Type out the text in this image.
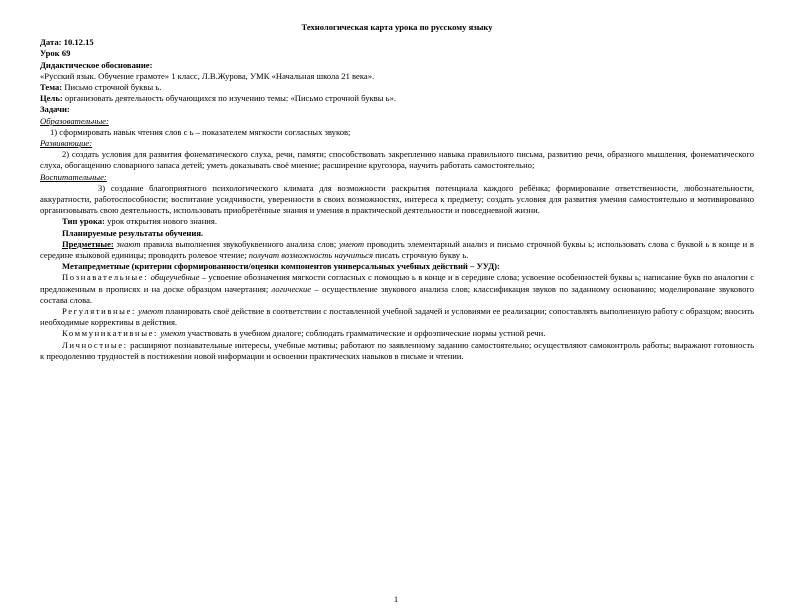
Технологическая карта урока по русскому языку

Дата: 10.12.15

Урок 69

Дидактическое обоснование:

«Русский язык. Обучение грамоте» 1 класс, Л.В.Журова, УМК «Начальная школа 21 века».

Тема: Письмо строчной буквы ь.

Цель: организовать деятельность обучающихся по изучению темы: «Письмо строчной буквы ь».

Задачи:

Образовательные:

1) сформировать навык чтения слов с ь – показателем мягкости согласных звуков;

Развивающие:

2) создать условия для развития фонематического слуха, речи, памяти; способствовать закреплению навыка правильного письма, развитию речи, образного мышления, фонематического слуха, обогащению словарного запаса детей; уметь доказывать своё мнение; расширение кругозора, научить работать самостоятельно;

Воспитательные:

3) создание благоприятного психологического климата для возможности раскрытия потенциала каждого ребёнка; формирование ответственности, любознательности, аккуратности, работоспособности; воспитание усидчивости, уверенности в своих возможностях, интереса к предмету; создать условия для развития умения самостоятельно и мотивированно организовывать свою деятельность, использовать приобретённые знания и умения в практической деятельности и повседневной жизни.

Тип урока: урок открытия нового знания.

Планируемые результаты обучения.

Предметные: знают правила выполнения звукобуквенного анализа слов; умеют проводить элементарный анализ и письмо строчной буквы ь; использовать слова с буквой ь в конце и в середине языковой единицы; проводить ролевое чтение; получат возможность научиться писать строчную букву ь.

Метапредметные (критерии сформированности/оценки компонентов универсальных учебных действий – УУД):

Познавательные: общеучебные – усвоение обозначения мягкости согласных с помощью ь в конце и в середине слова; усвоение особенностей буквы ь; написание букв по аналогии с предложенным в прописях и на доске образцом начертания; логические – осуществление звукового анализа слов; классификация звуков по заданному основанию; моделирование звукового состава слова.

Регулятивные: умеют планировать своё действие в соответствии с поставленной учебной задачей и условиями ее реализации; сопоставлять выполненную работу с образцом; вносить необходимые коррективы в действия.

Коммуникативные: умеют участвовать в учебном диалоге; соблюдать грамматические и орфоэпические нормы устной речи.

Личностные: расширяют познавательные интересы, учебные мотивы; работают по заявленному заданию самостоятельно; осуществляют самоконтроль работы; выражают готовность к преодолению трудностей в постижении новой информации и освоении практических навыков в письме и чтении.

1
